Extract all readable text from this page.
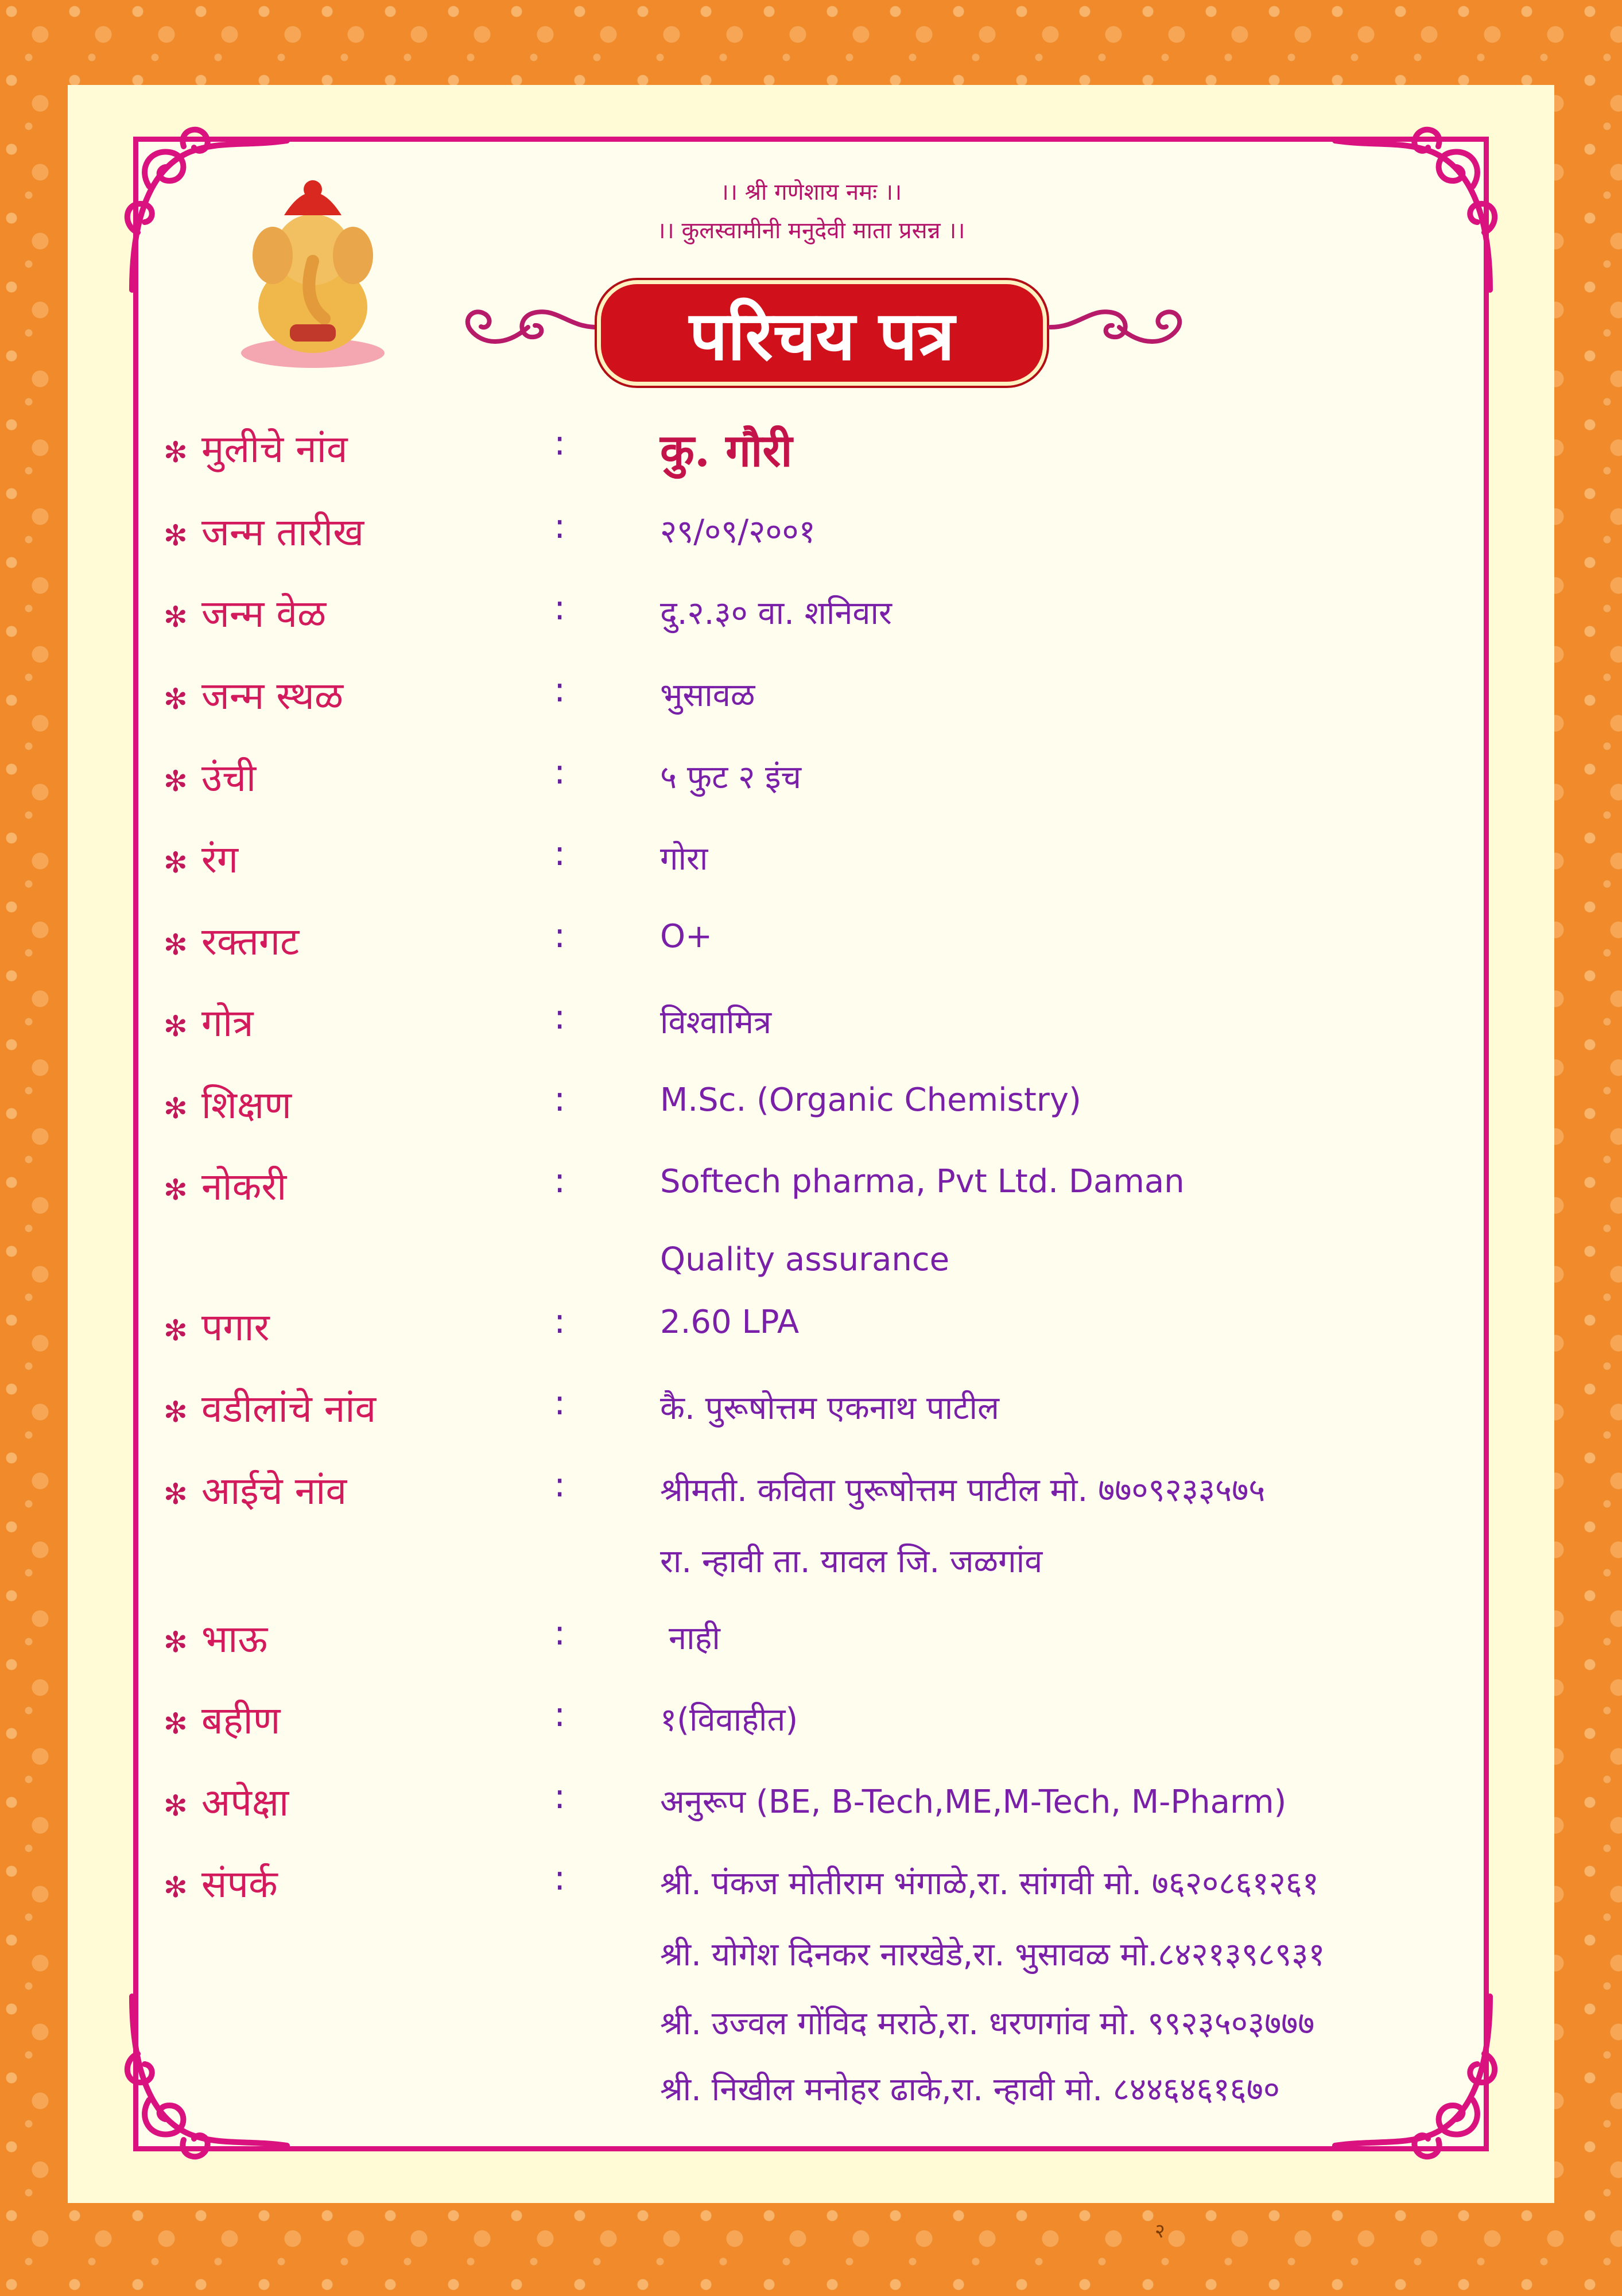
।। श्री गणेशाय नमः ।।
।। कुलस्वामीनी मनुदेवी माता प्रसन्न ।।
परिचय पत्र
✻ मुलीचे नांव	: कु. गौरी
✻ जन्म तारीख	:	२९/०९/२००१
✻ जन्म वेळ	:	दु.२.३० वा. शनिवार
✻ जन्म स्थळ	:	भुसावळ
✻ उंची	:	५ फुट २ इंच
✻ रंग	:	गोरा
✻ रक्तगट	:	O+
✻ गोत्र	:	विश्वामित्र
✻ शिक्षण	:	M.Sc. (Organic Chemistry)
✻ नोकरी	:	Softech pharma, Pvt Ltd. Daman
Quality assurance
✻ पगार	:	2.60 LPA
✻ वडीलांचे नांव	:	कै. पुरूषोत्तम एकनाथ पाटील
✻ आईचे नांव	:	श्रीमती. कविता पुरूषोत्तम पाटील मो. ७७०९२३३५७५
रा. न्हावी ता. यावल जि. जळगांव
✻ भाऊ	:	नाही
✻ बहीण	:	१(विवाहीत)
✻ अपेक्षा	:	अनुरूप (BE, B-Tech,ME,M-Tech, M-Pharm)
✻ संपर्क	:	श्री. पंकज मोतीराम भंगाळे,रा. सांगवी मो. ७६२०८६१२६१
श्री. योगेश दिनकर नारखेडे,रा. भुसावळ मो.८४२१३९८९३१
श्री. उज्वल गोंविद मराठे,रा. धरणगांव मो. ९९२३५०३७७७
श्री. निखील मनोहर ढाके,रा. न्हावी मो. ८४४६४६१६७०
२
